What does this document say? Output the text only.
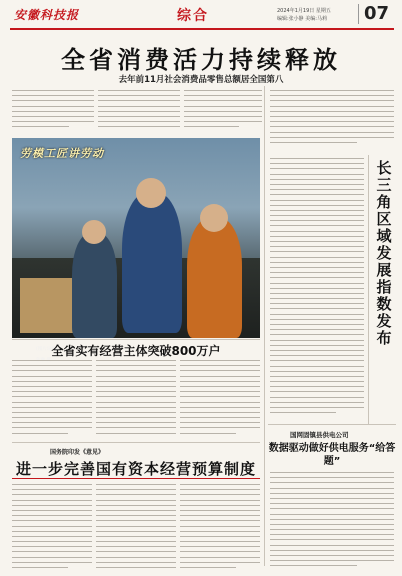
安徽科技报	综合	2024年1月19日 星期五
编辑:张小静 美编:马莉	07
全省消费活力持续释放
去年前11月社会消费品零售总额居全国第八
(图片说明)
劳模工匠讲劳动
长三角区域发展指数发布
全省实有经营主体突破800万户
国务院印发《意见》
进一步完善国有资本经营预算制度
国网固镇县供电公司
数据驱动做好供电服务“给答题”
